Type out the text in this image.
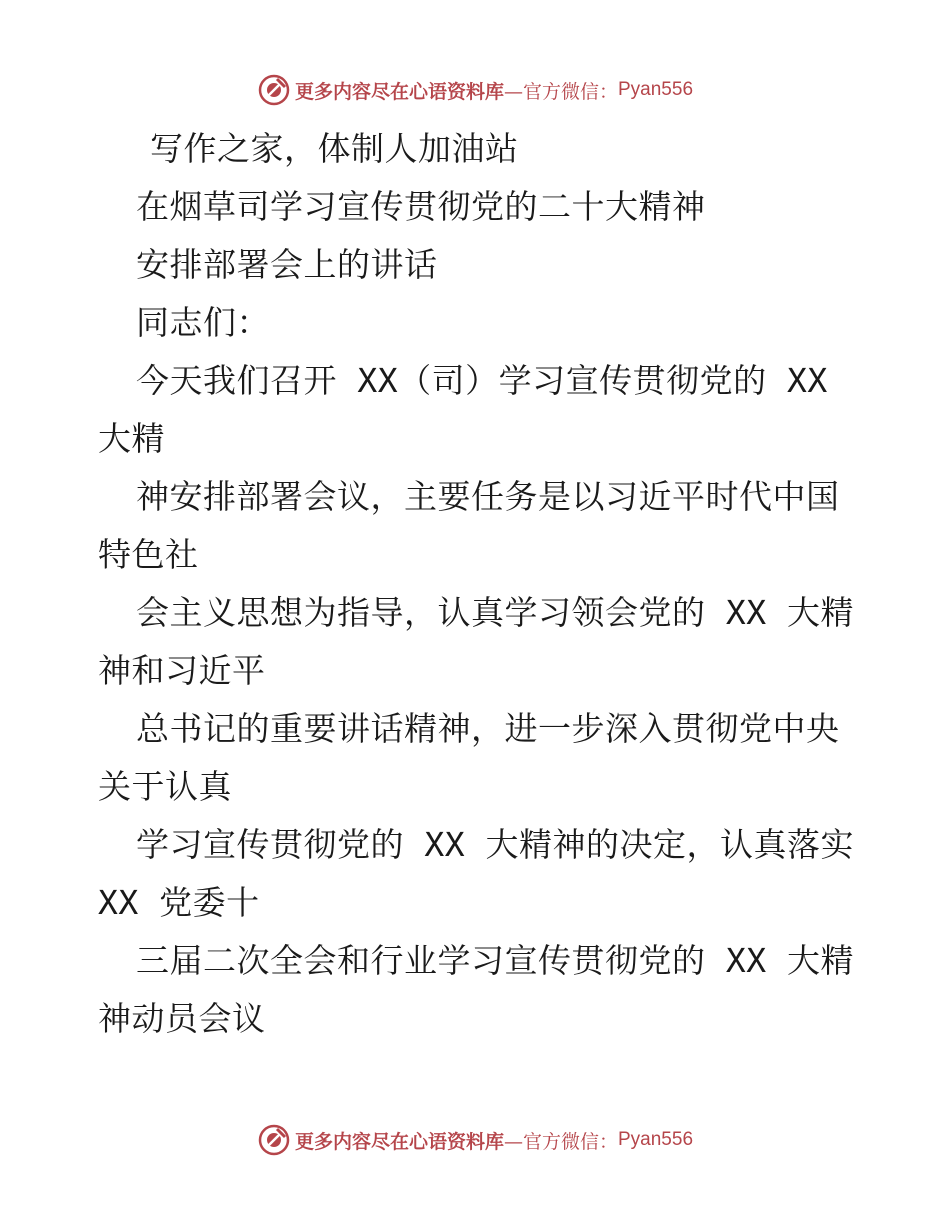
更多内容尽在心语资料库 —官方微信： Pyan556
写作之家，体制人加油站
在烟草司学习宣传贯彻党的二十大精神
安排部署会上的讲话
同志们：
今天我们召开 XX（司）学习宣传贯彻党的 XX
大精
神安排部署会议，主要任务是以习近平时代中国
特色社
会主义思想为指导，认真学习领会党的 XX 大精
神和习近平
总书记的重要讲话精神，进一步深入贯彻党中央
关于认真
学习宣传贯彻党的 XX 大精神的决定，认真落实
XX 党委十
三届二次全会和行业学习宣传贯彻党的 XX 大精
神动员会议
更多内容尽在心语资料库 —官方微信： Pyan556
